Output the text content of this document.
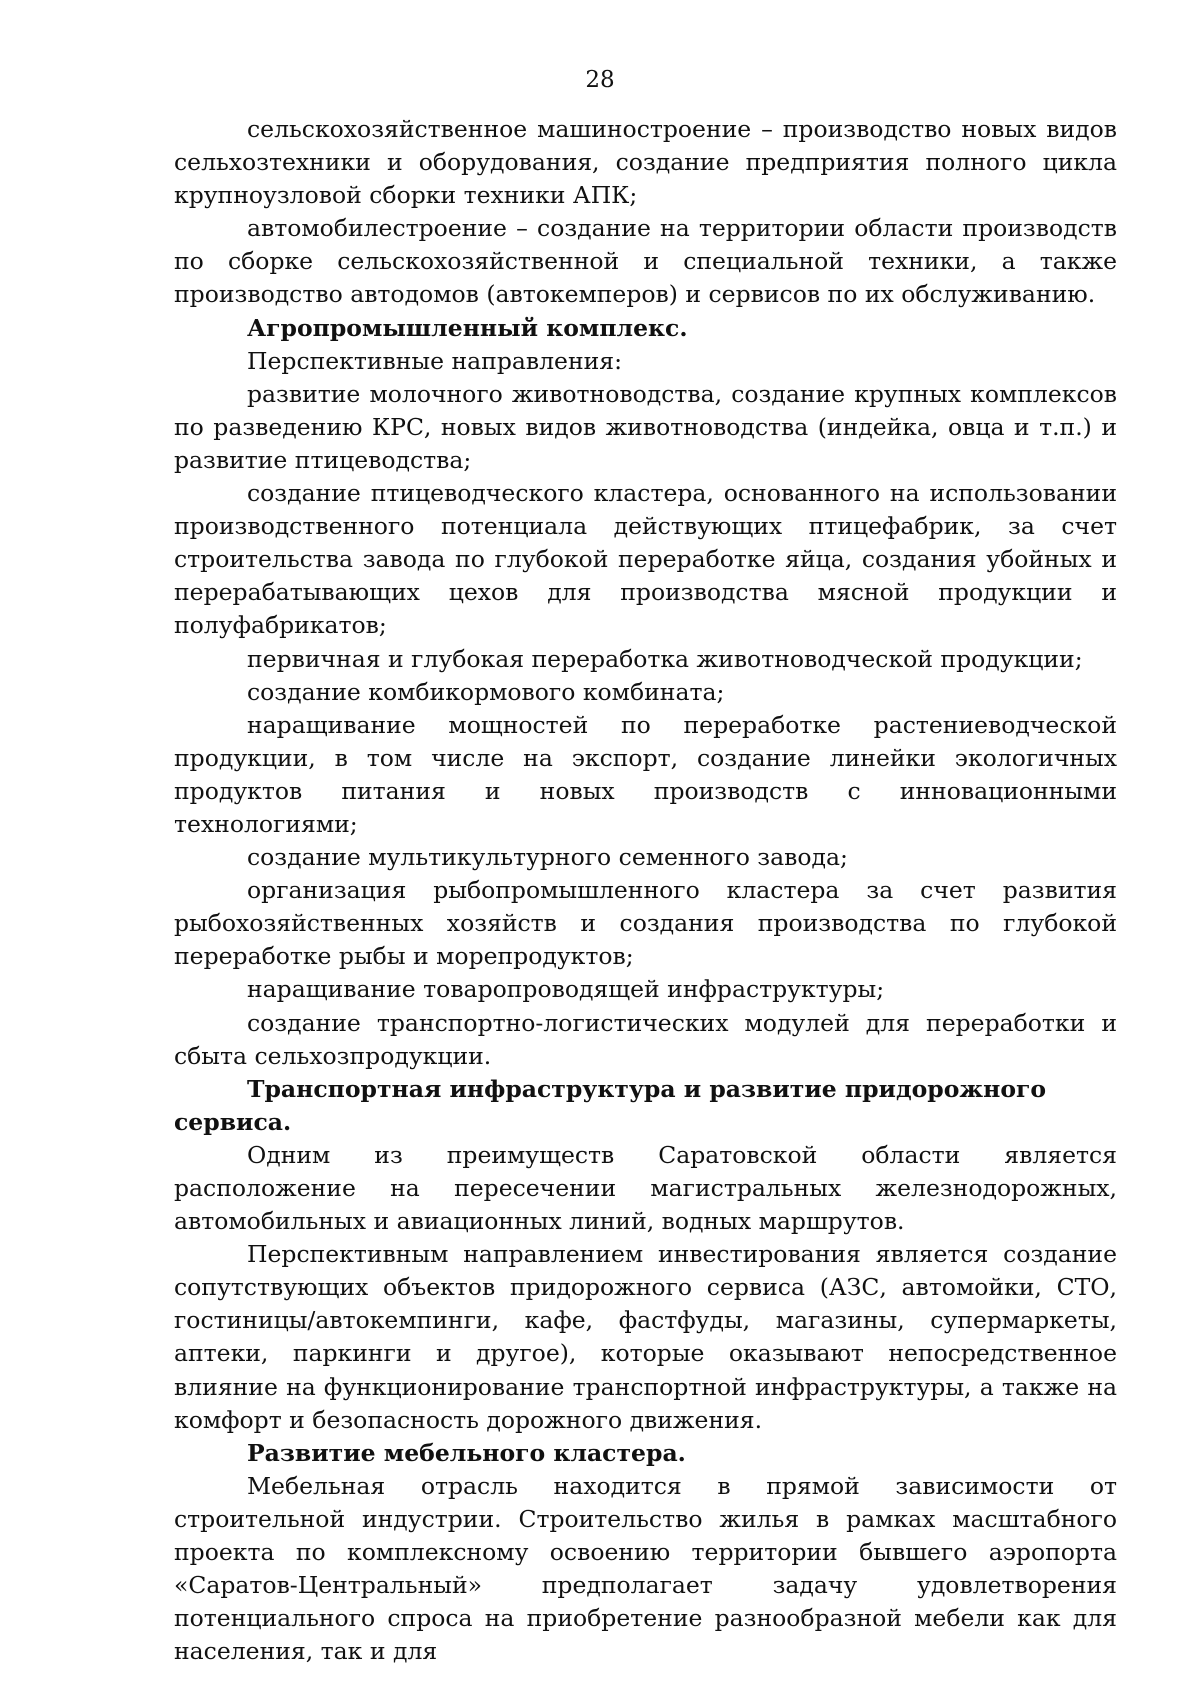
28

сельскохозяйственное машиностроение – производство новых видов сельхозтехники и оборудования, создание предприятия полного цикла крупноузловой сборки техники АПК;

автомобилестроение – создание на территории области производств по сборке сельскохозяйственной и специальной техники, а также производство автодомов (автокемперов) и сервисов по их обслуживанию.

Агропромышленный комплекс.

Перспективные направления:

развитие молочного животноводства, создание крупных комплексов по разведению КРС, новых видов животноводства (индейка, овца и т.п.) и развитие птицеводства;

создание птицеводческого кластера, основанного на использовании производственного потенциала действующих птицефабрик, за счет строительства завода по глубокой переработке яйца, создания убойных и перерабатывающих цехов для производства мясной продукции и полуфабрикатов;

первичная и глубокая переработка животноводческой продукции;

создание комбикормового комбината;

наращивание мощностей по переработке растениеводческой продукции, в том числе на экспорт, создание линейки экологичных продуктов питания и новых производств с инновационными технологиями;

создание мультикультурного семенного завода;

организация рыбопромышленного кластера за счет развития рыбохозяйственных хозяйств и создания производства по глубокой переработке рыбы и морепродуктов;

наращивание товаропроводящей инфраструктуры;

создание транспортно-логистических модулей для переработки и сбыта сельхозпродукции.

Транспортная инфраструктура и развитие придорожного сервиса.

Одним из преимуществ Саратовской области является расположение на пересечении магистральных железнодорожных, автомобильных и авиационных линий, водных маршрутов.

Перспективным направлением инвестирования является создание сопутствующих объектов придорожного сервиса (АЗС, автомойки, СТО, гостиницы/автокемпинги, кафе, фастфуды, магазины, супермаркеты, аптеки, паркинги и другое), которые оказывают непосредственное влияние на функционирование транспортной инфраструктуры, а также на комфорт и безопасность дорожного движения.

Развитие мебельного кластера.

Мебельная отрасль находится в прямой зависимости от строительной индустрии. Строительство жилья в рамках масштабного проекта по комплексному освоению территории бывшего аэропорта «Саратов-Центральный» предполагает задачу удовлетворения потенциального спроса на приобретение разнообразной мебели как для населения, так и для
